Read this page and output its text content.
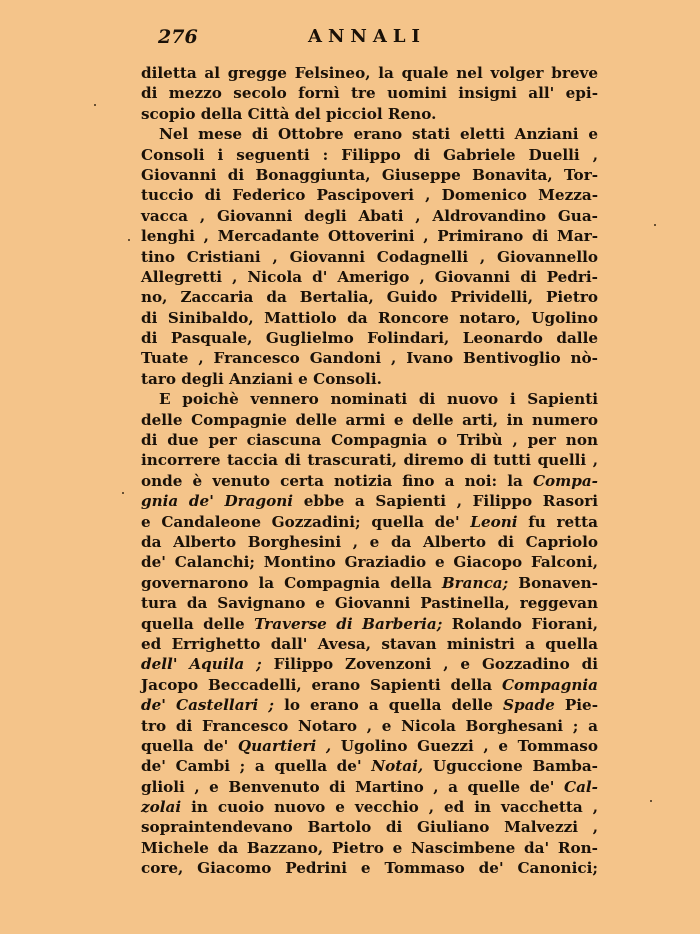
276	ANNALI
diletta al gregge Felsineo, la quale nel volger breve
di mezzo secolo fornì tre uomini insigni all' epi-
scopio della Città del picciol Reno.
Nel mese di Ottobre erano stati eletti Anziani e
Consoli i seguenti : Filippo di Gabriele Duelli ,
Giovanni di Bonaggiunta, Giuseppe Bonavita, Tor-
tuccio di Federico Pascipoveri , Domenico Mezza-
vacca , Giovanni degli Abati , Aldrovandino Gua-
lenghi , Mercadante Ottoverini , Primirano di Mar-
tino Cristiani , Giovanni Codagnelli , Giovannello
Allegretti , Nicola d' Amerigo , Giovanni di Pedri-
no, Zaccaria da Bertalia, Guido Prividelli, Pietro
di Sinibaldo, Mattiolo da Roncore notaro, Ugolino
di Pasquale, Guglielmo Folindari, Leonardo dalle
Tuate , Francesco Gandoni , Ivano Bentivoglio nò-
taro degli Anziani e Consoli.
E poichè vennero nominati di nuovo i Sapienti
delle Compagnie delle armi e delle arti, in numero
di due per ciascuna Compagnia o Tribù , per non
incorrere taccia di trascurati, diremo di tutti quelli ,
onde è venuto certa notizia fino a noi: la Compa-
gnia de' Dragoni ebbe a Sapienti , Filippo Rasori
e Candaleone Gozzadini; quella de' Leoni fu retta
da Alberto Borghesini , e da Alberto di Capriolo
de' Calanchi; Montino Graziadio e Giacopo Falconi,
governarono la Compagnia della Branca; Bonaven-
tura da Savignano e Giovanni Pastinella, reggevan
quella delle Traverse di Barberia; Rolando Fiorani,
ed Errighetto dall' Avesa, stavan ministri a quella
dell' Aquila ; Filippo Zovenzoni , e Gozzadino di
Jacopo Beccadelli, erano Sapienti della Compagnia
de' Castellari ; lo erano a quella delle Spade Pie-
tro di Francesco Notaro , e Nicola Borghesani ; a
quella de' Quartieri , Ugolino Guezzi , e Tommaso
de' Cambi ; a quella de' Notai, Uguccione Bamba-
glioli , e Benvenuto di Martino , a quelle de' Cal-
zolai in cuoio nuovo e vecchio , ed in vacchetta ,
sopraintendevano Bartolo di Giuliano Malvezzi ,
Michele da Bazzano, Pietro e Nascimbene da' Ron-
core, Giacomo Pedrini e Tommaso de' Canonici;
